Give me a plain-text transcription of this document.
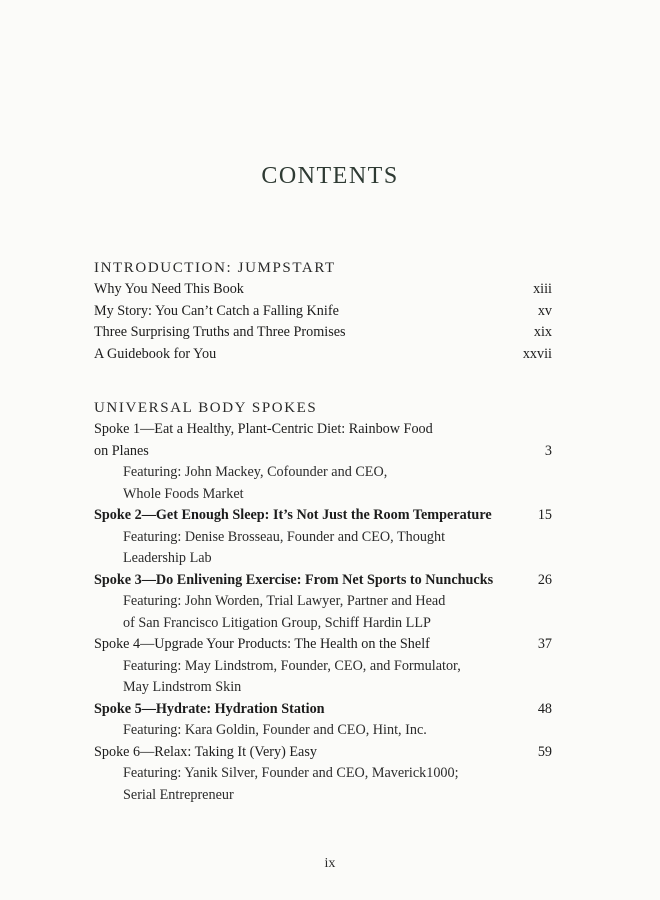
CONTENTS
INTRODUCTION: JUMPSTART
Why You Need This Book	xiii
My Story: You Can’t Catch a Falling Knife	xv
Three Surprising Truths and Three Promises	xix
A Guidebook for You	xxvii
UNIVERSAL BODY SPOKES
Spoke 1—Eat a Healthy, Plant-Centric Diet: Rainbow Food
on Planes	3
Featuring: John Mackey, Cofounder and CEO,
Whole Foods Market
Spoke 2—Get Enough Sleep: It’s Not Just the Room Temperature	15
Featuring: Denise Brosseau, Founder and CEO, Thought
Leadership Lab
Spoke 3—Do Enlivening Exercise: From Net Sports to Nunchucks	26
Featuring: John Worden, Trial Lawyer, Partner and Head
of San Francisco Litigation Group, Schiff Hardin LLP
Spoke 4—Upgrade Your Products: The Health on the Shelf	37
Featuring: May Lindstrom, Founder, CEO, and Formulator,
May Lindstrom Skin
Spoke 5—Hydrate: Hydration Station	48
Featuring: Kara Goldin, Founder and CEO, Hint, Inc.
Spoke 6—Relax: Taking It (Very) Easy	59
Featuring: Yanik Silver, Founder and CEO, Maverick1000;
Serial Entrepreneur
ix
